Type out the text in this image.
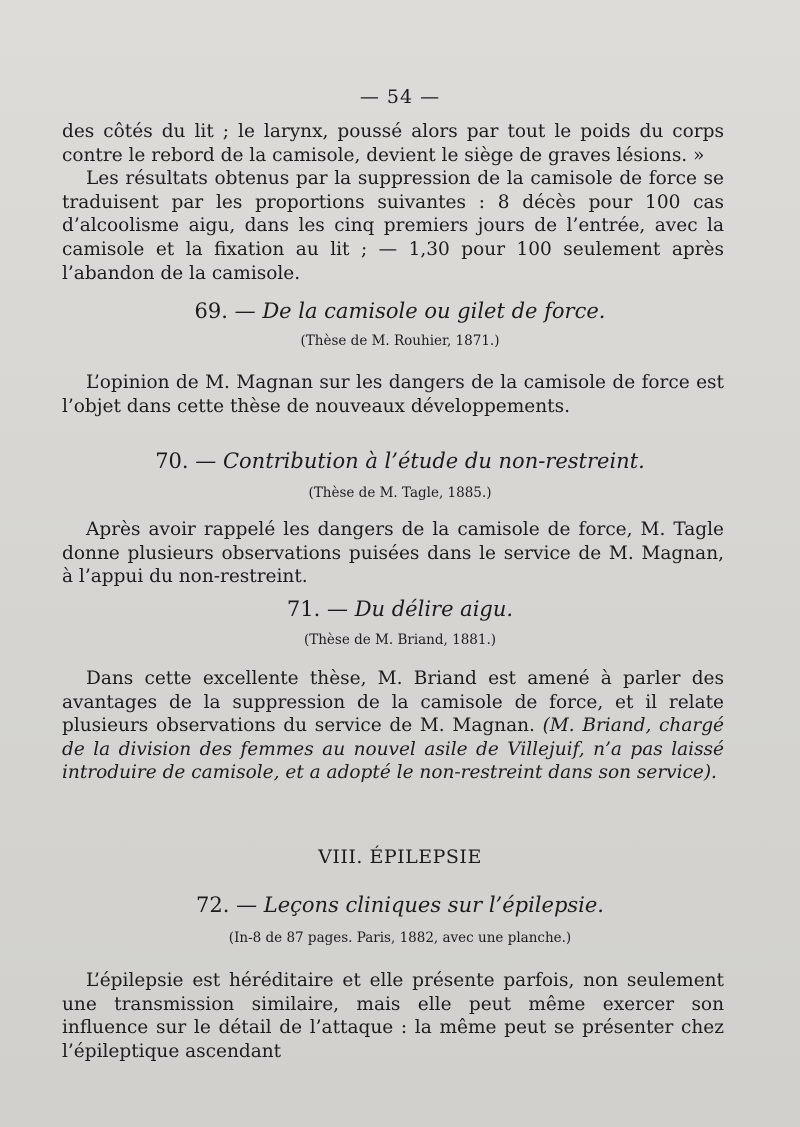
— 54 —

des côtés du lit ; le larynx, poussé alors par tout le poids du corps contre le rebord de la camisole, devient le siège de graves lésions. »

Les résultats obtenus par la suppression de la camisole de force se traduisent par les proportions suivantes : 8 décès pour 100 cas d’alcoolisme aigu, dans les cinq premiers jours de l’entrée, avec la camisole et la fixation au lit ; — 1,30 pour 100 seulement après l’abandon de la camisole.

69. — De la camisole ou gilet de force.
(Thèse de M. Rouhier, 1871.)

L’opinion de M. Magnan sur les dangers de la camisole de force est l’objet dans cette thèse de nouveaux développements.

70. — Contribution à l’étude du non-restreint.
(Thèse de M. Tagle, 1885.)

Après avoir rappelé les dangers de la camisole de force, M. Tagle donne plusieurs observations puisées dans le service de M. Magnan, à l’appui du non-restreint.

71. — Du délire aigu.
(Thèse de M. Briand, 1881.)

Dans cette excellente thèse, M. Briand est amené à parler des avantages de la suppression de la camisole de force, et il relate plusieurs observations du service de M. Magnan. (M. Briand, chargé de la division des femmes au nouvel asile de Villejuif, n’a pas laissé introduire de camisole, et a adopté le non-restreint dans son service).

VIII. ÉPILEPSIE
72. — Leçons cliniques sur l’épilepsie.
(In-8 de 87 pages. Paris, 1882, avec une planche.)

L’épilepsie est héréditaire et elle présente parfois, non seulement une transmission similaire, mais elle peut même exercer son influence sur le détail de l’attaque : la même peut se présenter chez l’épileptique ascendant
